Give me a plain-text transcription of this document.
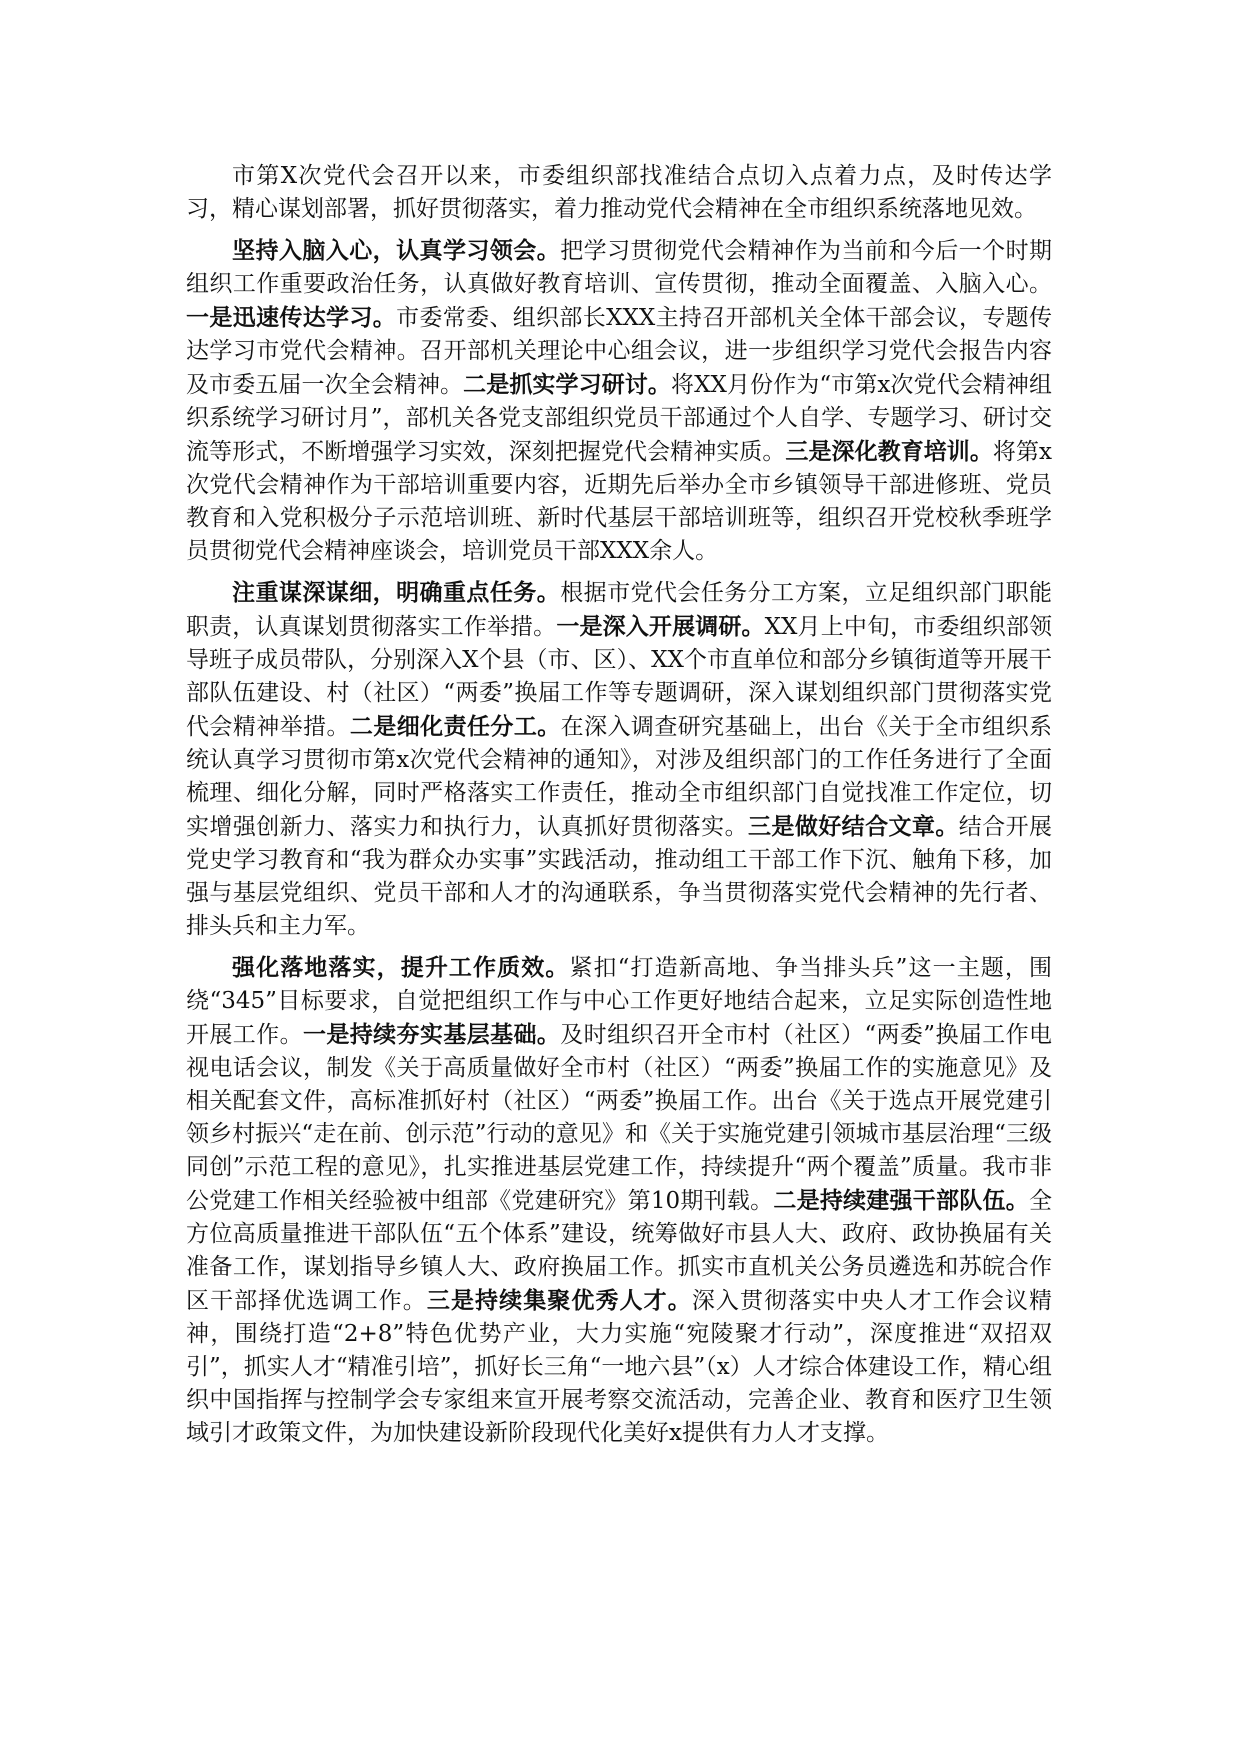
市第X次党代会召开以来，市委组织部找准结合点切入点着力点，及时传达学习，精心谋划部署，抓好贯彻落实，着力推动党代会精神在全市组织系统落地见效。

坚持入脑入心，认真学习领会。把学习贯彻党代会精神作为当前和今后一个时期组织工作重要政治任务，认真做好教育培训、宣传贯彻，推动全面覆盖、入脑入心。一是迅速传达学习。市委常委、组织部长XXX主持召开部机关全体干部会议，专题传达学习市党代会精神。召开部机关理论中心组会议，进一步组织学习党代会报告内容及市委五届一次全会精神。二是抓实学习研讨。将XX月份作为“市第x次党代会精神组织系统学习研讨月”，部机关各党支部组织党员干部通过个人自学、专题学习、研讨交流等形式，不断增强学习实效，深刻把握党代会精神实质。三是深化教育培训。将第x次党代会精神作为干部培训重要内容，近期先后举办全市乡镇领导干部进修班、党员教育和入党积极分子示范培训班、新时代基层干部培训班等，组织召开党校秋季班学员贯彻党代会精神座谈会，培训党员干部XXX余人。

注重谋深谋细，明确重点任务。根据市党代会任务分工方案，立足组织部门职能职责，认真谋划贯彻落实工作举措。一是深入开展调研。XX月上中旬，市委组织部领导班子成员带队，分别深入X个县（市、区）、XX个市直单位和部分乡镇街道等开展干部队伍建设、村（社区）“两委”换届工作等专题调研，深入谋划组织部门贯彻落实党代会精神举措。二是细化责任分工。在深入调查研究基础上，出台《关于全市组织系统认真学习贯彻市第x次党代会精神的通知》，对涉及组织部门的工作任务进行了全面梳理、细化分解，同时严格落实工作责任，推动全市组织部门自觉找准工作定位，切实增强创新力、落实力和执行力，认真抓好贯彻落实。三是做好结合文章。结合开展党史学习教育和“我为群众办实事”实践活动，推动组工干部工作下沉、触角下移，加强与基层党组织、党员干部和人才的沟通联系，争当贯彻落实党代会精神的先行者、排头兵和主力军。

强化落地落实，提升工作质效。紧扣“打造新高地、争当排头兵”这一主题，围绕“345”目标要求，自觉把组织工作与中心工作更好地结合起来，立足实际创造性地开展工作。一是持续夯实基层基础。及时组织召开全市村（社区）“两委”换届工作电视电话会议，制发《关于高质量做好全市村（社区）“两委”换届工作的实施意见》及相关配套文件，高标准抓好村（社区）“两委”换届工作。出台《关于选点开展党建引领乡村振兴“走在前、创示范”行动的意见》和《关于实施党建引领城市基层治理“三级同创”示范工程的意见》，扎实推进基层党建工作，持续提升“两个覆盖”质量。我市非公党建工作相关经验被中组部《党建研究》第10期刊载。二是持续建强干部队伍。全方位高质量推进干部队伍“五个体系”建设，统筹做好市县人大、政府、政协换届有关准备工作，谋划指导乡镇人大、政府换届工作。抓实市直机关公务员遴选和苏皖合作区干部择优选调工作。三是持续集聚优秀人才。深入贯彻落实中央人才工作会议精神，围绕打造“2+8”特色优势产业，大力实施“宛陵聚才行动”，深度推进“双招双引”，抓实人才“精准引培”，抓好长三角“一地六县”（x）人才综合体建设工作，精心组织中国指挥与控制学会专家组来宣开展考察交流活动，完善企业、教育和医疗卫生领域引才政策文件，为加快建设新阶段现代化美好x提供有力人才支撑。
